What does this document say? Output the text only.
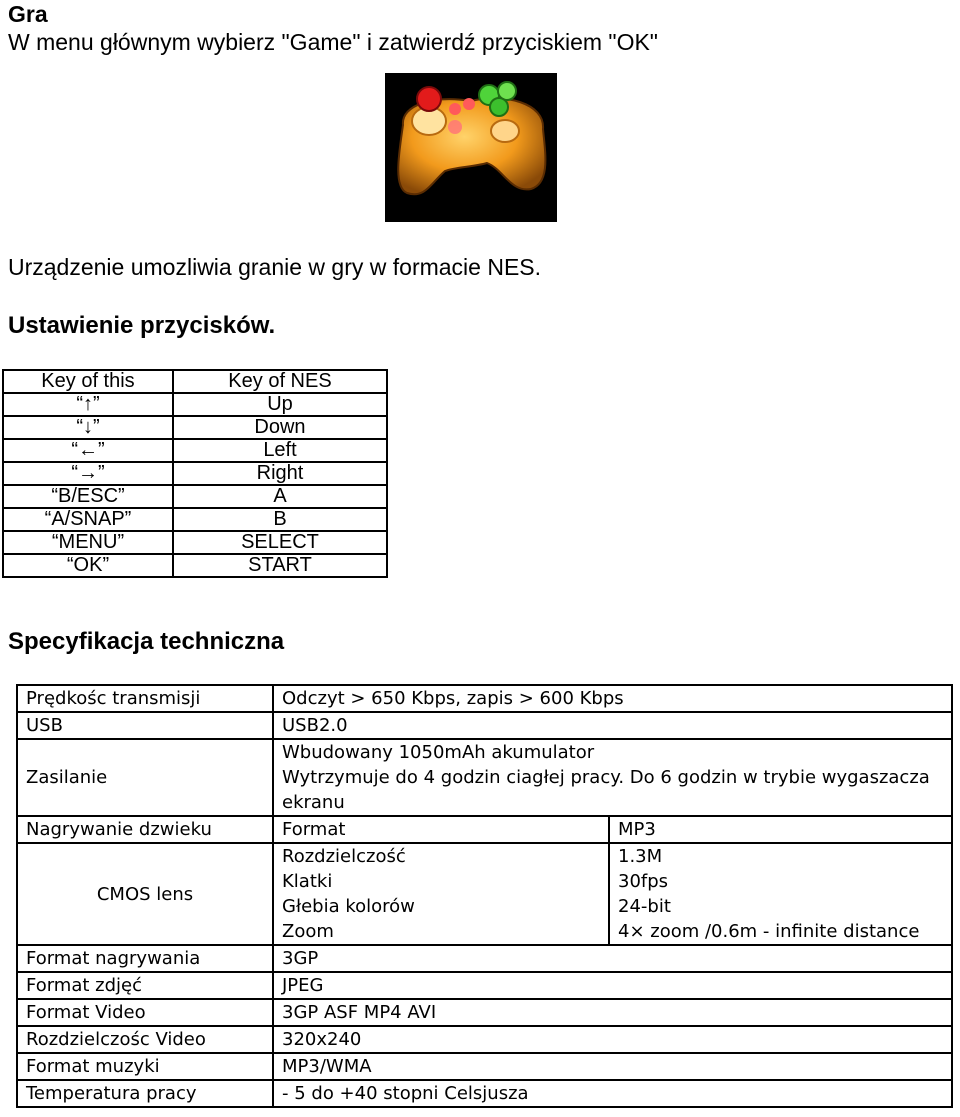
Gra
W menu głównym wybierz "Game" i zatwierdź przyciskiem "OK"
Urządzenie umozliwia granie w gry w formacie NES.
Ustawienie przycisków.
Key of this	Key of NES
“↑”	Up
“↓”	Down
“←”	Left
“→”	Right
“B/ESC”	A
“A/SNAP”	B
“MENU”	SELECT
“OK”	START
Specyfikacja techniczna
Prędkośc transmisji	Odczyt > 650 Kbps, zapis > 600 Kbps	
USB	USB2.0	
Zasilanie	Wbudowany 1050mAh akumulator
Wytrzymuje do 4 godzin ciagłej pracy. Do 6 godzin w trybie wygaszacza ekranu	

Nagrywanie dzwieku	Format	MP3
CMOS lens	Rozdzielczość	1.3M
	Klatki	30fps
	Głebia kolorów	24-bit
	Zoom	4× zoom /0.6m - infinite distance
Format nagrywania	3GP	
Format zdjęć	JPEG	
Format Video	3GP ASF MP4 AVI	
Rozdzielczośc Video	320x240	
Format muzyki	MP3/WMA	
Temperatura pracy	- 5 do +40 stopni Celsjusza	
